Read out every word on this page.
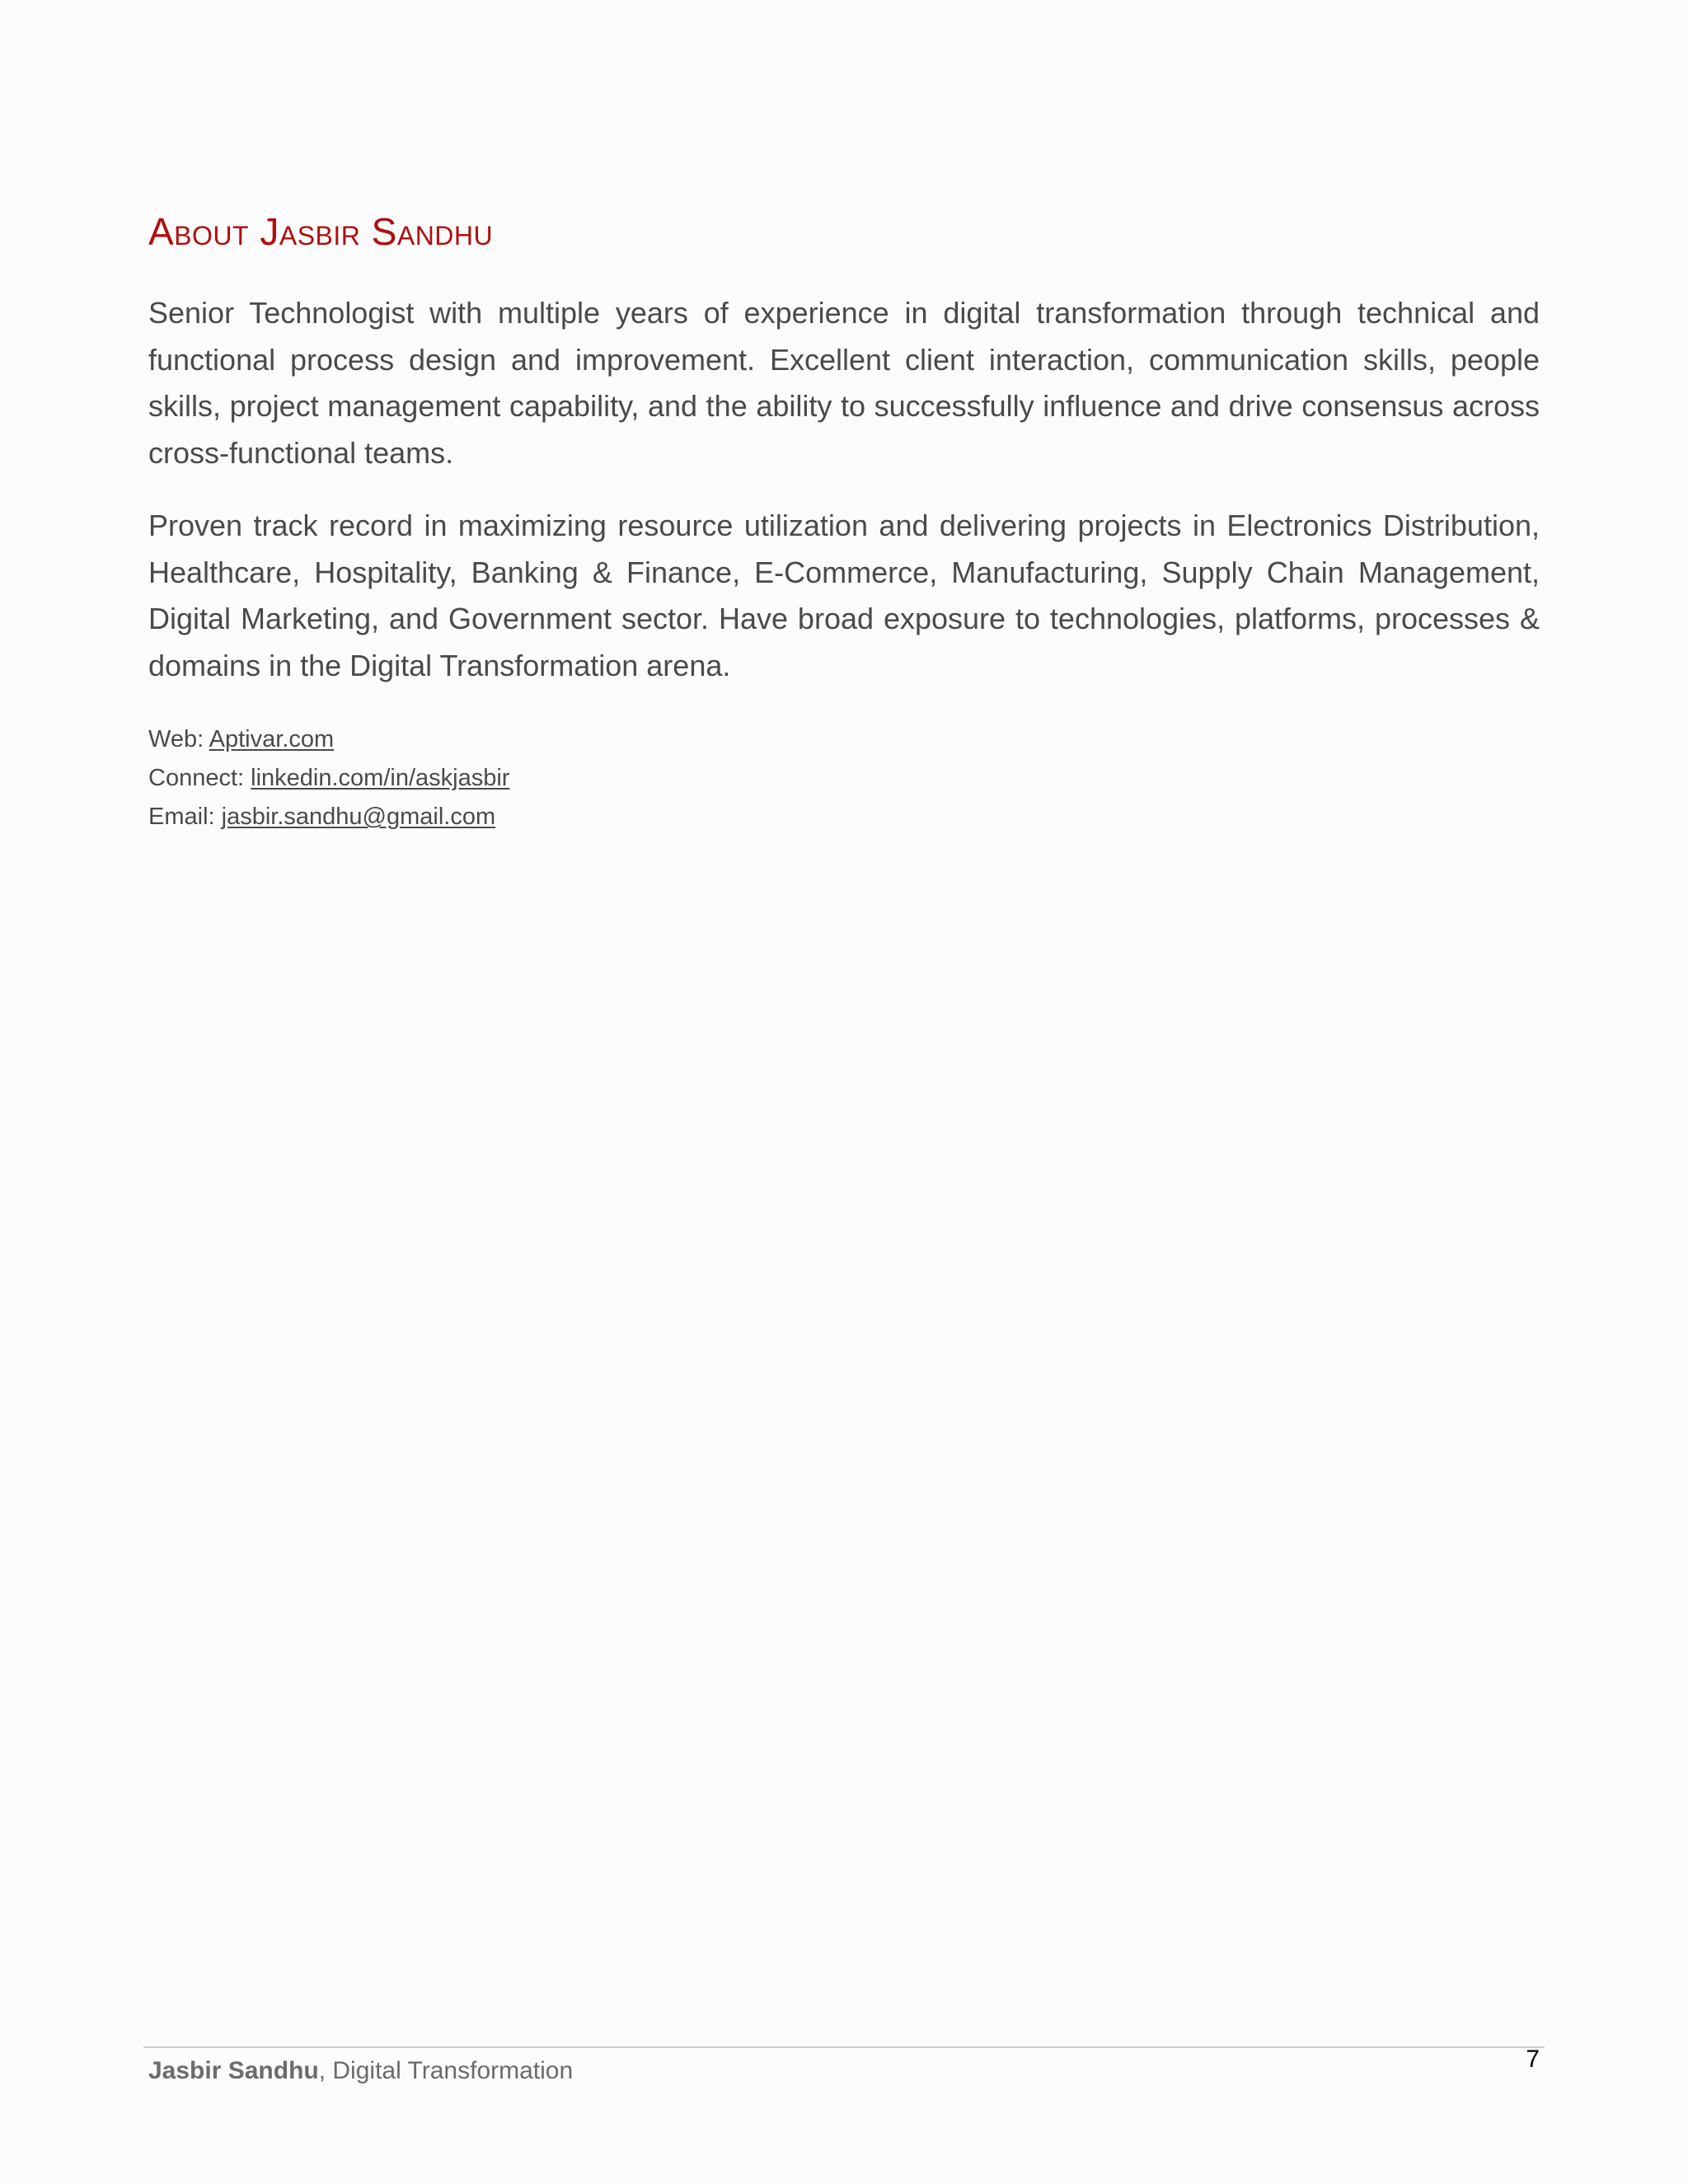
About Jasbir Sandhu

Senior Technologist with multiple years of experience in digital transformation through technical and functional process design and improvement. Excellent client interaction, communication skills, people skills, project management capability, and the ability to successfully influence and drive consensus across cross-functional teams.

Proven track record in maximizing resource utilization and delivering projects in Electronics Distribution, Healthcare, Hospitality, Banking & Finance, E-Commerce, Manufacturing, Supply Chain Management, Digital Marketing, and Government sector. Have broad exposure to technologies, platforms, processes & domains in the Digital Transformation arena.

Web: Aptivar.com
Connect: linkedin.com/in/askjasbir
Email: jasbir.sandhu@gmail.com
Jasbir Sandhu, Digital Transformation	7
